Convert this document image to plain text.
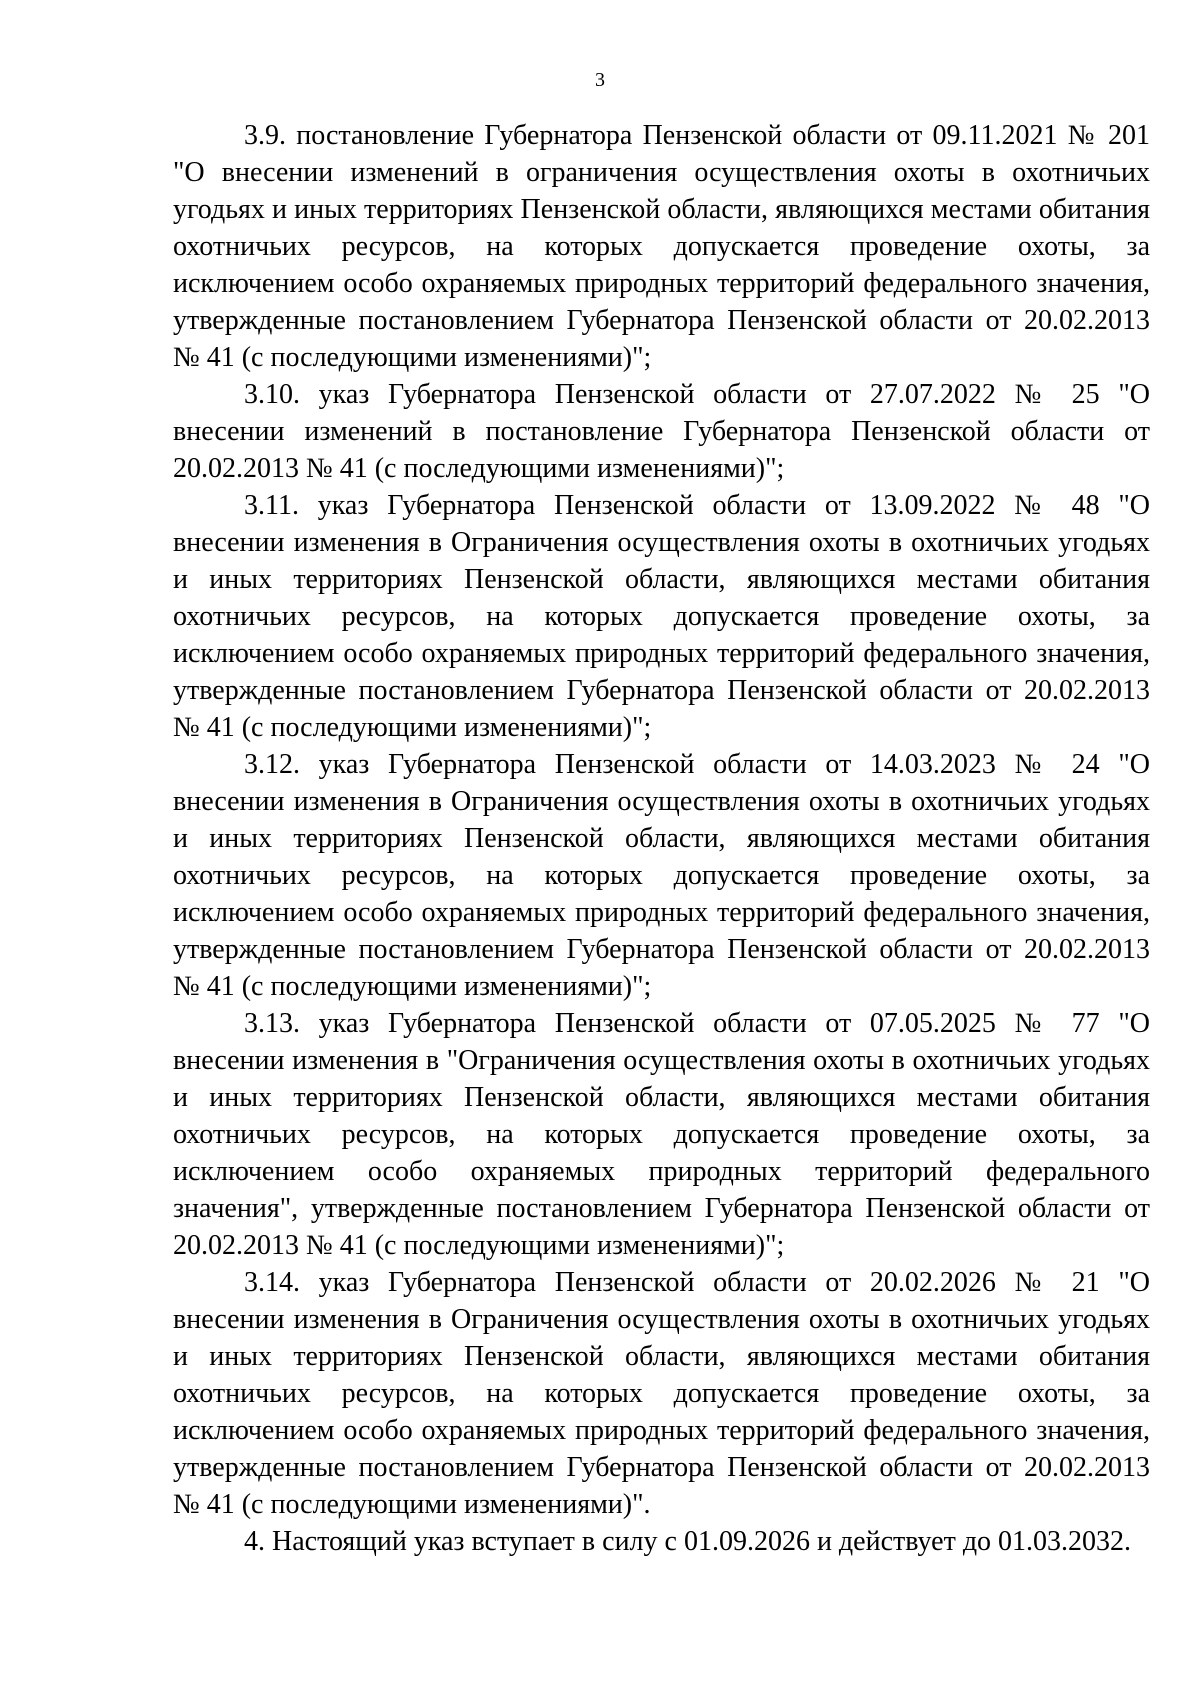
3

3.9. постановление Губернатора Пензенской области от 09.11.2021 № 201 "О внесении изменений в ограничения осуществления охоты в охотничьих угодьях и иных территориях Пензенской области, являющихся местами обитания охотничьих ресурсов, на которых допускается проведение охоты, за исключением особо охраняемых природных территорий федерального значения, утвержденные постановлением Губернатора Пензенской области от 20.02.2013 № 41 (с последующими изменениями)";

3.10. указ Губернатора Пензенской области от 27.07.2022 № 25 "О внесении изменений в постановление Губернатора Пензенской области от 20.02.2013 № 41 (с последующими изменениями)";

3.11. указ Губернатора Пензенской области от 13.09.2022 № 48 "О внесении изменения в Ограничения осуществления охоты в охотничьих угодьях и иных территориях Пензенской области, являющихся местами обитания охотничьих ресурсов, на которых допускается проведение охоты, за исключением особо охраняемых природных территорий федерального значения, утвержденные постановлением Губернатора Пензенской области от 20.02.2013 № 41 (с последующими изменениями)";

3.12. указ Губернатора Пензенской области от 14.03.2023 № 24 "О внесении изменения в Ограничения осуществления охоты в охотничьих угодьях и иных территориях Пензенской области, являющихся местами обитания охотничьих ресурсов, на которых допускается проведение охоты, за исключением особо охраняемых природных территорий федерального значения, утвержденные постановлением Губернатора Пензенской области от 20.02.2013 № 41 (с последующими изменениями)";

3.13. указ Губернатора Пензенской области от 07.05.2025 № 77 "О внесении изменения в "Ограничения осуществления охоты в охотничьих угодьях и иных территориях Пензенской области, являющихся местами обитания охотничьих ресурсов, на которых допускается проведение охоты, за исключением особо охраняемых природных территорий федерального значения", утвержденные постановлением Губернатора Пензенской области от 20.02.2013 № 41 (с последующими изменениями)";

3.14. указ Губернатора Пензенской области от 20.02.2026 № 21 "О внесении изменения в Ограничения осуществления охоты в охотничьих угодьях и иных территориях Пензенской области, являющихся местами обитания охотничьих ресурсов, на которых допускается проведение охоты, за исключением особо охраняемых природных территорий федерального значения, утвержденные постановлением Губернатора Пензенской области от 20.02.2013 № 41 (с последующими изменениями)".

4. Настоящий указ вступает в силу с 01.09.2026 и действует до 01.03.2032.
